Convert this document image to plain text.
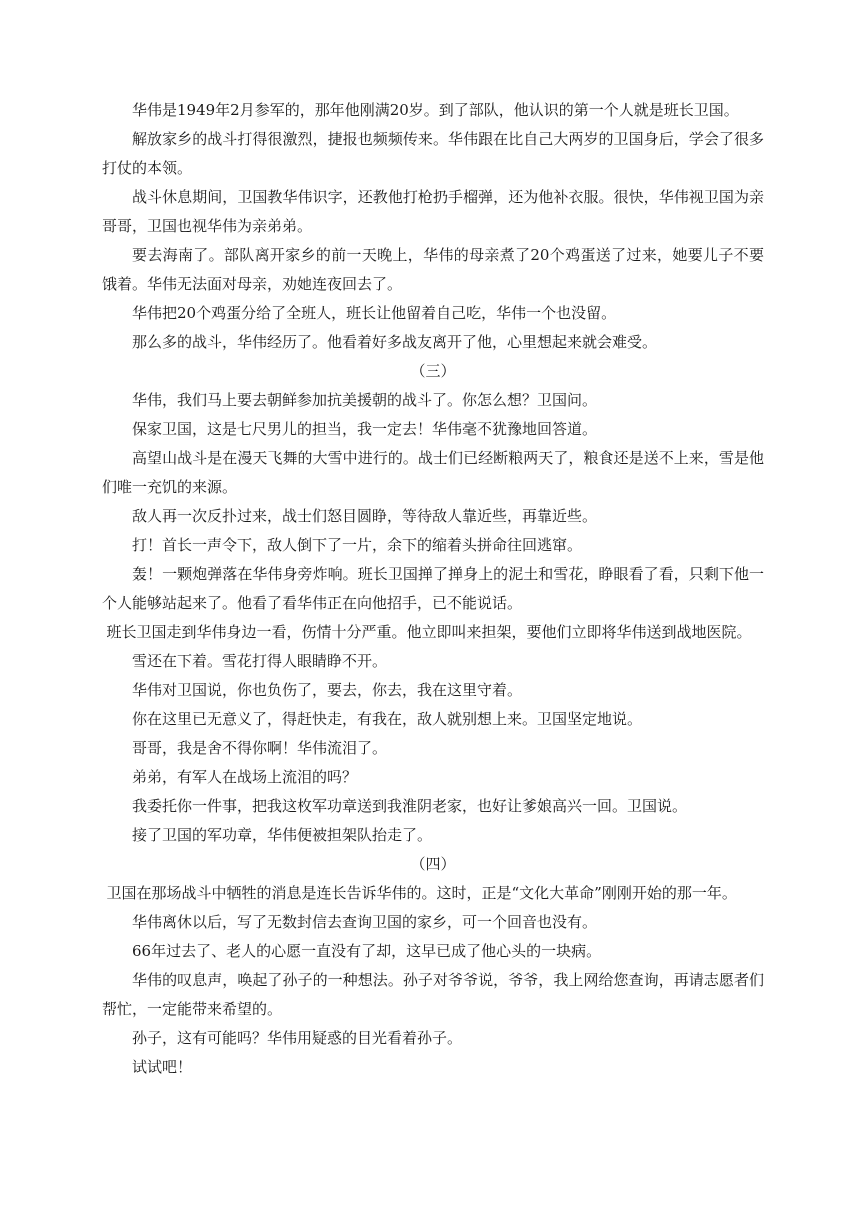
华伟是1949年2月参军的，那年他刚满20岁。到了部队，他认识的第一个人就是班长卫国。

解放家乡的战斗打得很激烈，捷报也频频传来。华伟跟在比自己大两岁的卫国身后，学会了很多打仗的本领。

战斗休息期间，卫国教华伟识字，还教他打枪扔手榴弹，还为他补衣服。很快，华伟视卫国为亲哥哥，卫国也视华伟为亲弟弟。

要去海南了。部队离开家乡的前一天晚上，华伟的母亲煮了20个鸡蛋送了过来，她要儿子不要饿着。华伟无法面对母亲，劝她连夜回去了。

华伟把20个鸡蛋分给了全班人，班长让他留着自己吃，华伟一个也没留。

那么多的战斗，华伟经历了。他看着好多战友离开了他，心里想起来就会难受。

（三）

华伟，我们马上要去朝鲜参加抗美援朝的战斗了。你怎么想？卫国问。

保家卫国，这是七尺男儿的担当，我一定去！华伟毫不犹豫地回答道。

高望山战斗是在漫天飞舞的大雪中进行的。战士们已经断粮两天了，粮食还是送不上来，雪是他们唯一充饥的来源。

敌人再一次反扑过来，战士们怒目圆睁，等待敌人靠近些，再靠近些。

打！首长一声令下，敌人倒下了一片，余下的缩着头拼命往回逃窜。

轰！一颗炮弹落在华伟身旁炸响。班长卫国掸了掸身上的泥土和雪花，睁眼看了看，只剩下他一个人能够站起来了。他看了看华伟正在向他招手，已不能说话。

班长卫国走到华伟身边一看，伤情十分严重。他立即叫来担架，要他们立即将华伟送到战地医院。

雪还在下着。雪花打得人眼睛睁不开。

华伟对卫国说，你也负伤了，要去，你去，我在这里守着。

你在这里已无意义了，得赶快走，有我在，敌人就别想上来。卫国坚定地说。

哥哥，我是舍不得你啊！华伟流泪了。

弟弟，有军人在战场上流泪的吗？

我委托你一件事，把我这枚军功章送到我淮阴老家，也好让爹娘高兴一回。卫国说。

接了卫国的军功章，华伟便被担架队抬走了。

（四）

卫国在那场战斗中牺牲的消息是连长告诉华伟的。这时，正是“文化大革命”刚刚开始的那一年。

华伟离休以后，写了无数封信去查询卫国的家乡，可一个回音也没有。

66年过去了、老人的心愿一直没有了却，这早已成了他心头的一块病。

华伟的叹息声，唤起了孙子的一种想法。孙子对爷爷说，爷爷，我上网给您查询，再请志愿者们帮忙，一定能带来希望的。

孙子，这有可能吗？华伟用疑惑的目光看着孙子。

试试吧！
